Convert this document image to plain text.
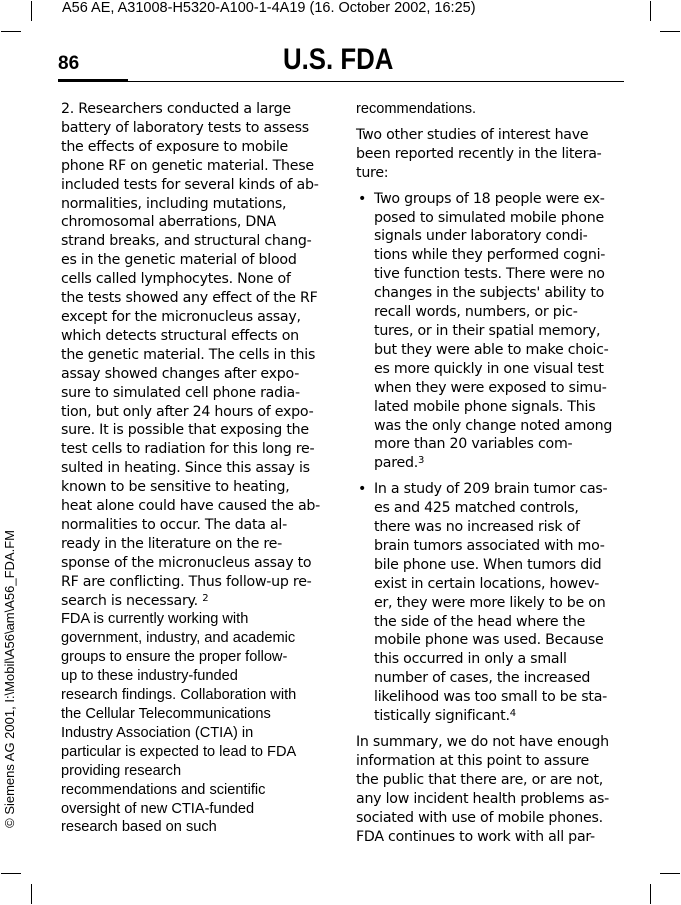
A56 AE, A31008-H5320-A100-1-4A19 (16. October 2002, 16:25)
86	U.S. FDA
© Siemens AG 2001, I:\Mobil\A56\am\A56_FDA.FM
2. Researchers conducted a large
battery of laboratory tests to assess
the effects of exposure to mobile
phone RF on genetic material. These
included tests for several kinds of ab-
normalities, including mutations,
chromosomal aberrations, DNA
strand breaks, and structural chang-
es in the genetic material of blood
cells called lymphocytes. None of
the tests showed any effect of the RF
except for the micronucleus assay,
which detects structural effects on
the genetic material. The cells in this
assay showed changes after expo-
sure to simulated cell phone radia-
tion, but only after 24 hours of expo-
sure. It is possible that exposing the
test cells to radiation for this long re-
sulted in heating. Since this assay is
known to be sensitive to heating,
heat alone could have caused the ab-
normalities to occur. The data al-
ready in the literature on the re-
sponse of the micronucleus assay to
RF are conflicting. Thus follow-up re-
search is necessary. $^2$
FDA is currently working with
government, industry, and academic
groups to ensure the proper follow-
up to these industry-funded
research findings. Collaboration with
the Cellular Telecommunications
Industry Association (CTIA) in
particular is expected to lead to FDA
providing research
recommendations and scientific
oversight of new CTIA-funded
research based on such
recommendations.
Two other studies of interest have
been reported recently in the litera-
ture:
• Two groups of 18 people were ex-
posed to simulated mobile phone
signals under laboratory condi-
tions while they performed cogni-
tive function tests. There were no
changes in the subjects' ability to
recall words, numbers, or pic-
tures, or in their spatial memory,
but they were able to make choic-
es more quickly in one visual test
when they were exposed to simu-
lated mobile phone signals. This
was the only change noted among
more than 20 variables com-
pared.$^3$
• In a study of 209 brain tumor cas-
es and 425 matched controls,
there was no increased risk of
brain tumors associated with mo-
bile phone use. When tumors did
exist in certain locations, howev-
er, they were more likely to be on
the side of the head where the
mobile phone was used. Because
this occurred in only a small
number of cases, the increased
likelihood was too small to be sta-
tistically significant.$^4$
In summary, we do not have enough
information at this point to assure
the public that there are, or are not,
any low incident health problems as-
sociated with use of mobile phones.
FDA continues to work with all par-
